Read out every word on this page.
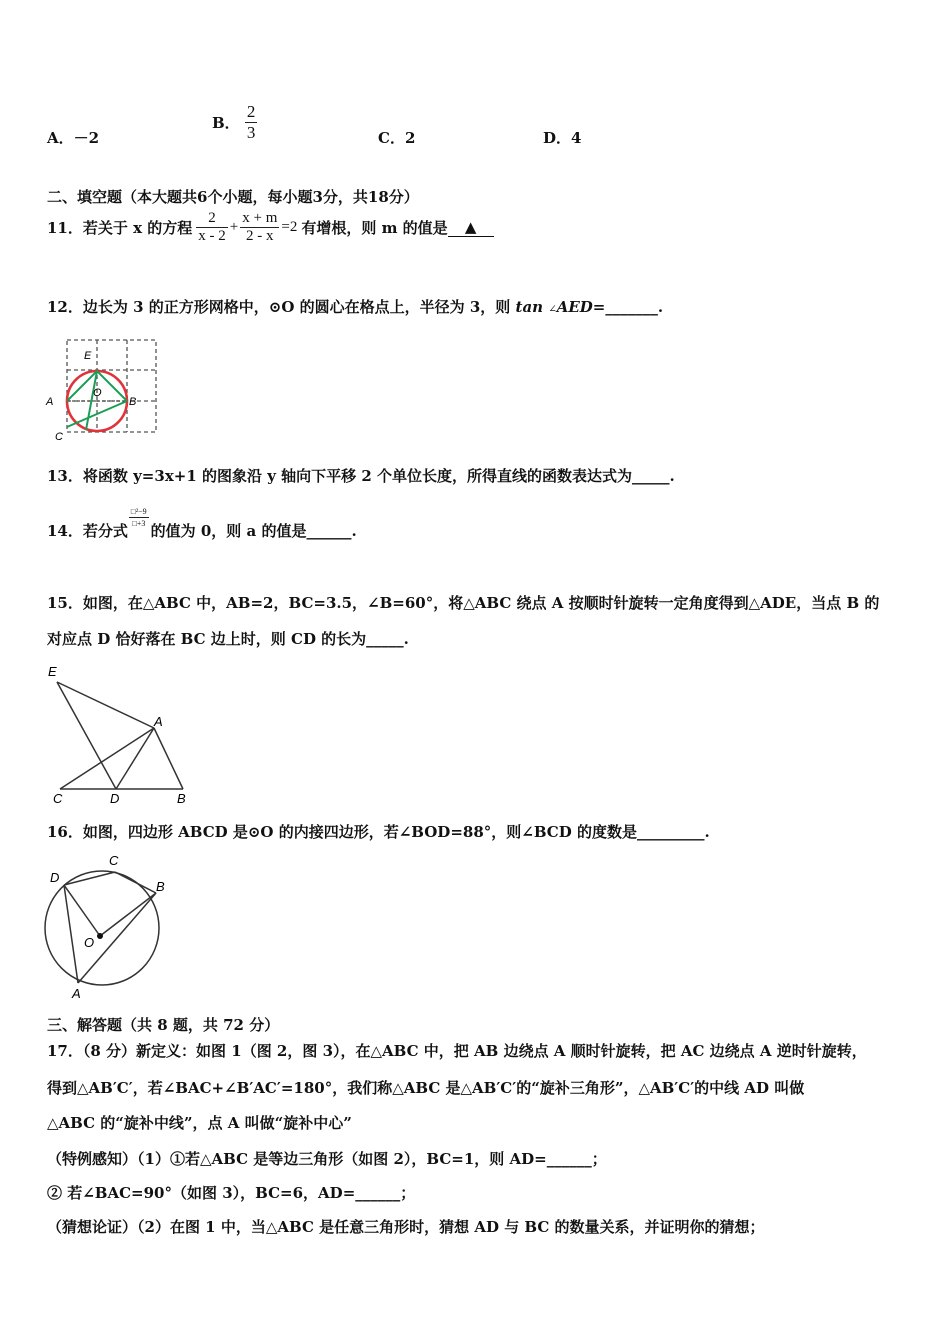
A．－2
B． $\frac{2}{3}$	C．2	D．4
二、填空题（本大题共6个小题，每小题3分，共18分）
11．若关于 x 的方程 $\frac{2}{x - 2} + \frac{x + m}{2 - x} =2$ 有增根，则 m 的值是	▲
12．边长为 3 的正方形网格中，⊙O 的圆心在格点上，半径为 3，则 tan ∠AED=_______.
E
O
A	B
C
13．将函数 y=3x+1 的图象沿 y 轴向下平移 2 个单位长度，所得直线的函数表达式为_____.
14．若分式
$\frac{\text{□²−9}}{□+3}$
的值为 0，则 a 的值是______.
15．如图，在△ABC 中，AB=2，BC=3.5，∠B=60°，将△ABC 绕点 A 按顺时针旋转一定角度得到△ADE，当点 B 的
对应点 D 恰好落在 BC 边上时，则 CD 的长为_____.
E
A
C	D	B
16．如图，四边形 ABCD 是⊙O 的内接四边形，若∠BOD=88°，则∠BCD 的度数是_________.
D
C
B
O
A
三、解答题（共 8 题，共 72 分）
17．（8 分）新定义：如图 1（图 2，图 3），在△ABC 中，把 AB 边绕点 A 顺时针旋转，把 AC 边绕点 A 逆时针旋转，
得到△AB′C′，若∠BAC+∠B′AC′=180°，我们称△ABC 是△AB′C′的“旋补三角形”，△AB′C′的中线 AD 叫做
△ABC 的“旋补中线”，点 A 叫做“旋补中心”
（特例感知）（1）①若△ABC 是等边三角形（如图 2），BC=1，则 AD=______；
② 若∠BAC=90°（如图 3），BC=6，AD=______；
（猜想论证）（2）在图 1 中，当△ABC 是任意三角形时，猜想 AD 与 BC 的数量关系，并证明你的猜想；
